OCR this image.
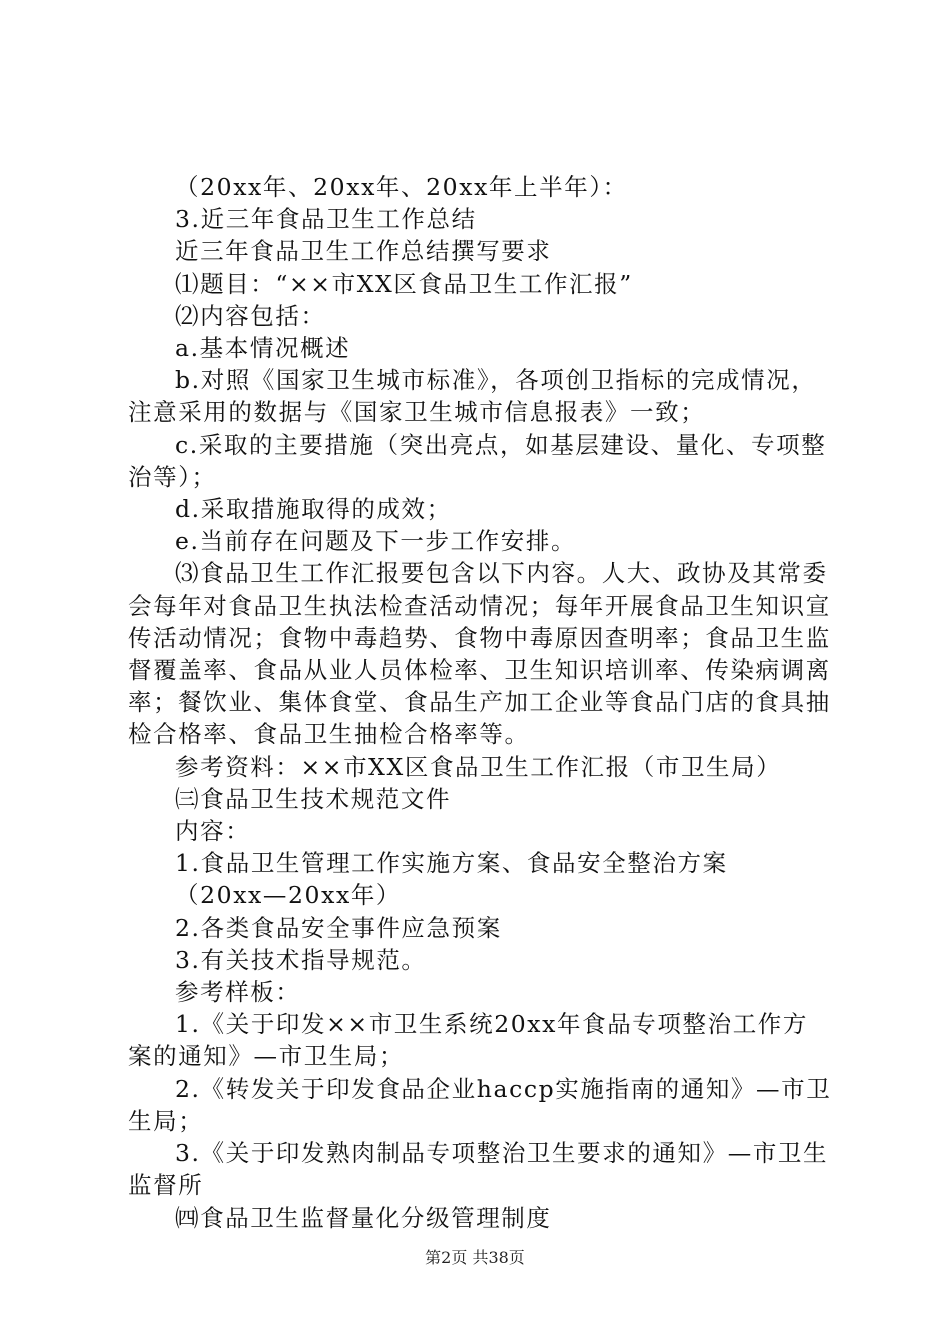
（20xx年、20xx年、20xx年上半年）：

3.近三年食品卫生工作总结

近三年食品卫生工作总结撰写要求

⑴题目：“××市XX区食品卫生工作汇报”

⑵内容包括：

a.基本情况概述

b.对照《国家卫生城市标准》，各项创卫指标的完成情况，注意采用的数据与《国家卫生城市信息报表》一致；

c.采取的主要措施（突出亮点，如基层建设、量化、专项整治等）；

d.采取措施取得的成效；

e.当前存在问题及下一步工作安排。

⑶食品卫生工作汇报要包含以下内容。人大、政协及其常委会每年对食品卫生执法检查活动情况；每年开展食品卫生知识宣传活动情况；食物中毒趋势、食物中毒原因查明率；食品卫生监督覆盖率、食品从业人员体检率、卫生知识培训率、传染病调离率；餐饮业、集体食堂、食品生产加工企业等食品门店的食具抽检合格率、食品卫生抽检合格率等。

参考资料：××市XX区食品卫生工作汇报（市卫生局）

㈢食品卫生技术规范文件

内容：

1.食品卫生管理工作实施方案、食品安全整治方案

（20xx—20xx年）

2.各类食品安全事件应急预案

3.有关技术指导规范。

参考样板：

1.《关于印发××市卫生系统20xx年食品专项整治工作方案的通知》—市卫生局；

2.《转发关于印发食品企业haccp实施指南的通知》—市卫生局；

3.《关于印发熟肉制品专项整治卫生要求的通知》—市卫生监督所

㈣食品卫生监督量化分级管理制度

第2页 共38页
